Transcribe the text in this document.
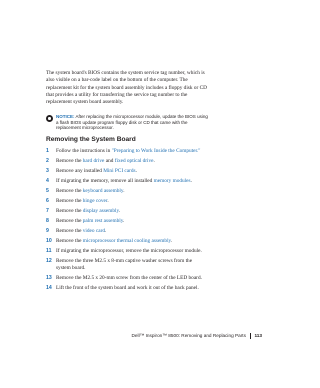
The system board's BIOS contains the system service tag number, which is
also visible on a bar-code label on the bottom of the computer. The
replacement kit for the system board assembly includes a floppy disk or CD
that provides a utility for transferring the service tag number to the
replacement system board assembly.

NOTICE: After replacing the microprocessor module, update the BIOS using
a flash BIOS update program floppy disk or CD that came with the
replacement microprocessor.

Removing the System Board
1	Follow the instructions in "Preparing to Work Inside the Computer."
2	Remove the hard drive and fixed optical drive.
3	Remove any installed Mini PCI cards.
4	If migrating the memory, remove all installed memory modules.
5	Remove the keyboard assembly.
6	Remove the hinge cover.
7	Remove the display assembly.
8	Remove the palm rest assembly.
9	Remove the video card.
10 Remove the microprocessor thermal cooling assembly.
11 If migrating the microprocessor, remove the microprocessor module.
12 Remove the three M2.5 x 8-mm captive washer screws from the
system board.
13 Remove the M2.5 x 20-mm screw from the center of the LED board.
14 Lift the front of the system board and work it out of the back panel.
Dell™ Inspiron™ 8500: Removing and Replacing Parts 113
